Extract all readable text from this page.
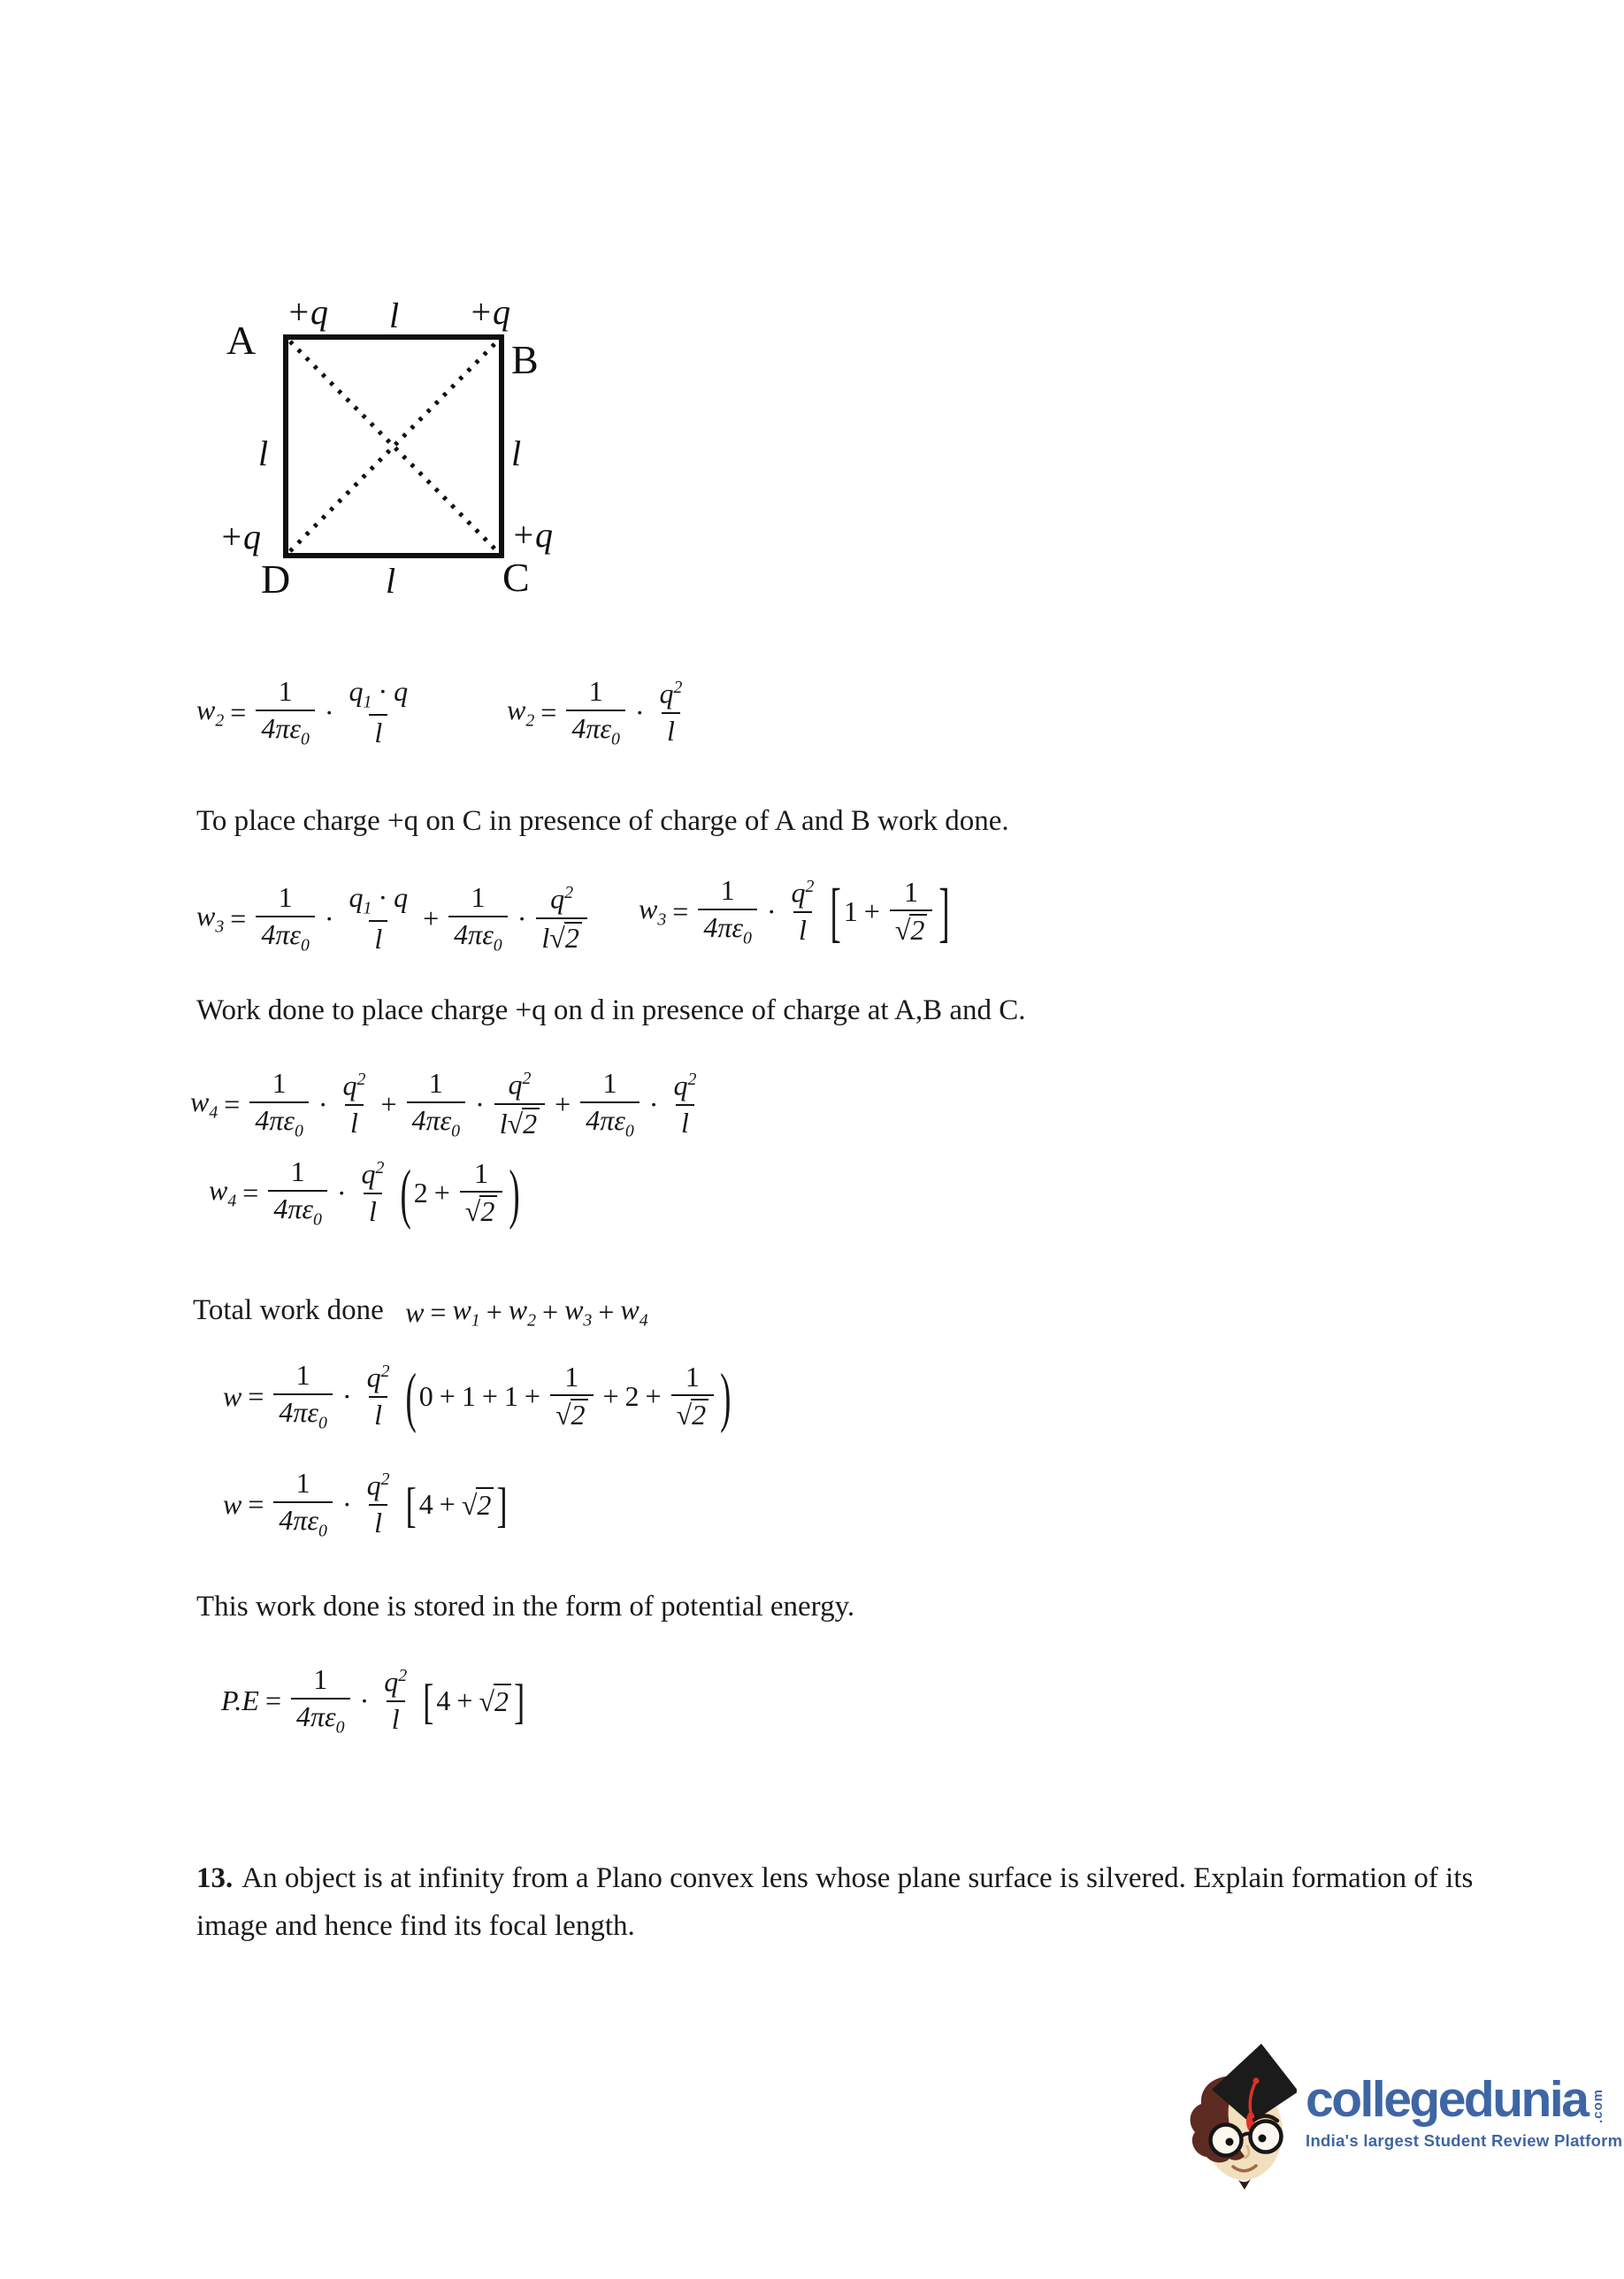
A	B
C
D
+q	+q
+q	+q
l
l	l
l
$w_2 = \frac{1}{4\pi\varepsilon_0} \cdot \frac{q_1 \cdot q}{l}$	$w_2 = \frac{1}{4\pi\varepsilon_0} \cdot \frac{q^2}{l}$
To place charge +q on C in presence of charge of A and B work done.
$w_3 = \frac{1}{4\pi\varepsilon_0} \cdot \frac{q_1 \cdot q}{l} + \frac{1}{4\pi\varepsilon_0} \cdot \frac{q^2}{l √ 2} w_3 = \frac{1}{4\pi\varepsilon_0} \cdot \frac{q^2}{l}$ [ $1 + \frac{1}{√ 2}$ ]
Work done to place charge +q on d in presence of charge at A,B and C.
$w_4 = \frac{1}{4\pi\varepsilon_0} \cdot \frac{q^2}{l} + \frac{1}{4\pi\varepsilon_0} \cdot \frac{q^2}{l √ 2} + \frac{1}{4\pi\varepsilon_0} \cdot \frac{q^2}{l}$
$w_4 = \frac{1}{4\pi\varepsilon_0} \cdot \frac{q^2}{l}$ ( $2 + \frac{1}{√ 2}$ )
Total work done $w = w_1 + w_2 + w_3 + w_4$
$w = \frac{1}{4\pi\varepsilon_0} \cdot \frac{q^2}{l}$ ( $0 + 1 + 1 + \frac{1}{√ 2} + 2 + \frac{1}{√ 2}$ )
$w = \frac{1}{4\pi\varepsilon_0} \cdot \frac{q^2}{l}$ [ 4 + √ 2 ]
This work done is stored in the form of potential energy.
$P.E = \frac{1}{4\pi\varepsilon_0} \cdot \frac{q^2}{l}$ [ 4 + √ 2 ]
13. An object is at infinity from a Plano convex lens whose plane surface is silvered. Explain formation of its image and hence find its focal length.
collegedunia .com
India's largest Student Review Platform
